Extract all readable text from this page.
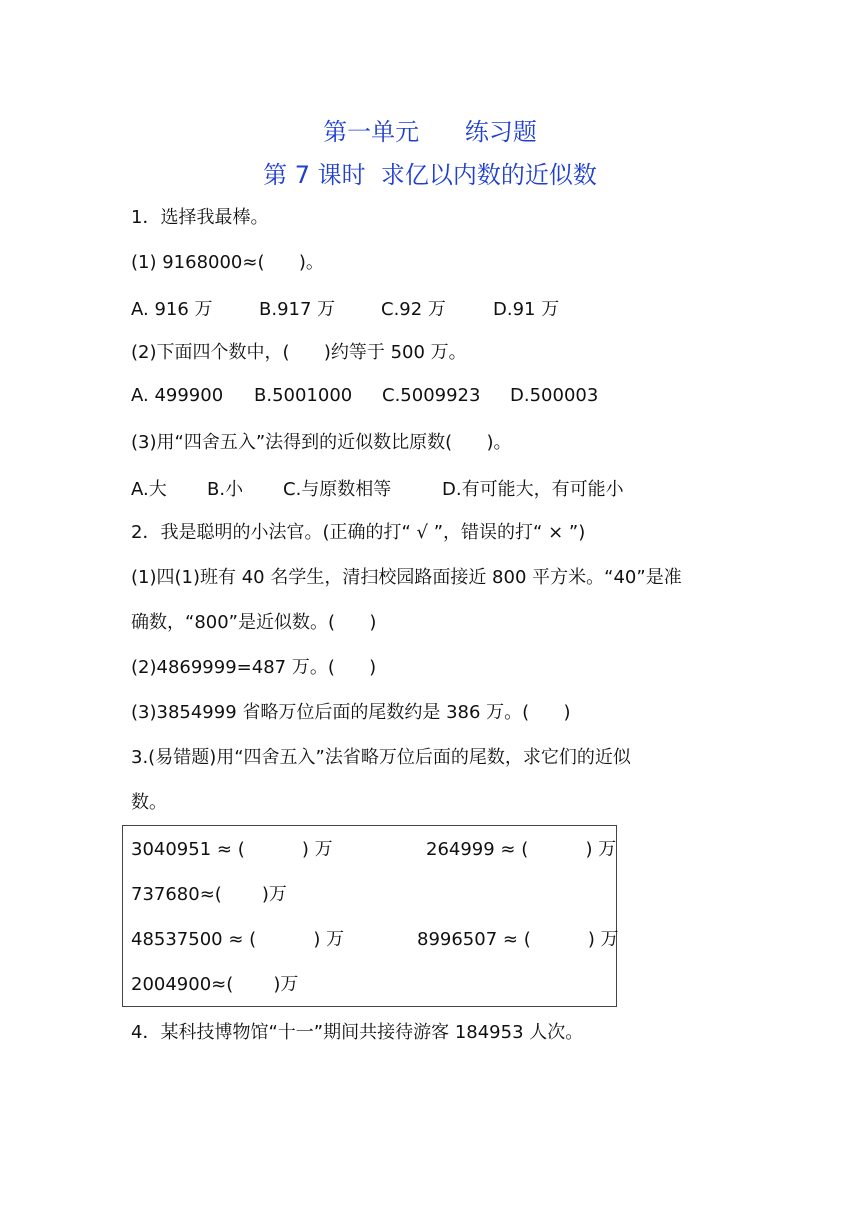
第一单元      练习题
第 7 课时  求亿以内数的近似数
1．选择我最棒。
(1) 9168000≈(      )。
A. 916 万	B.917 万	C.92 万	D.91 万
(2)下面四个数中，(      )约等于 500 万。
A. 499900 B.5001000 C.5009923 D.500003
(3)用“四舍五入”法得到的近似数比原数(      )。
A.大 B.小 C.与原数相等	D.有可能大，有可能小
2．我是聪明的小法官。(正确的打“ √ ”，错误的打“ × ”)
(1)四(1)班有 40 名学生，清扫校园路面接近 800 平方米。“40”是准
确数，“800”是近似数。(      )
(2)4869999=487 万。(      )
(3)3854999 省略万位后面的尾数约是 386 万。(      )
3.(易错题)用“四舍五入”法省略万位后面的尾数，求它们的近似
数。
3040951 ≈ (          ) 万	264999 ≈ (          ) 万
737680≈(       )万
48537500 ≈ (          ) 万	8996507 ≈ (          ) 万
2004900≈(       )万
4．某科技博物馆“十一”期间共接待游客 184953 人次。
